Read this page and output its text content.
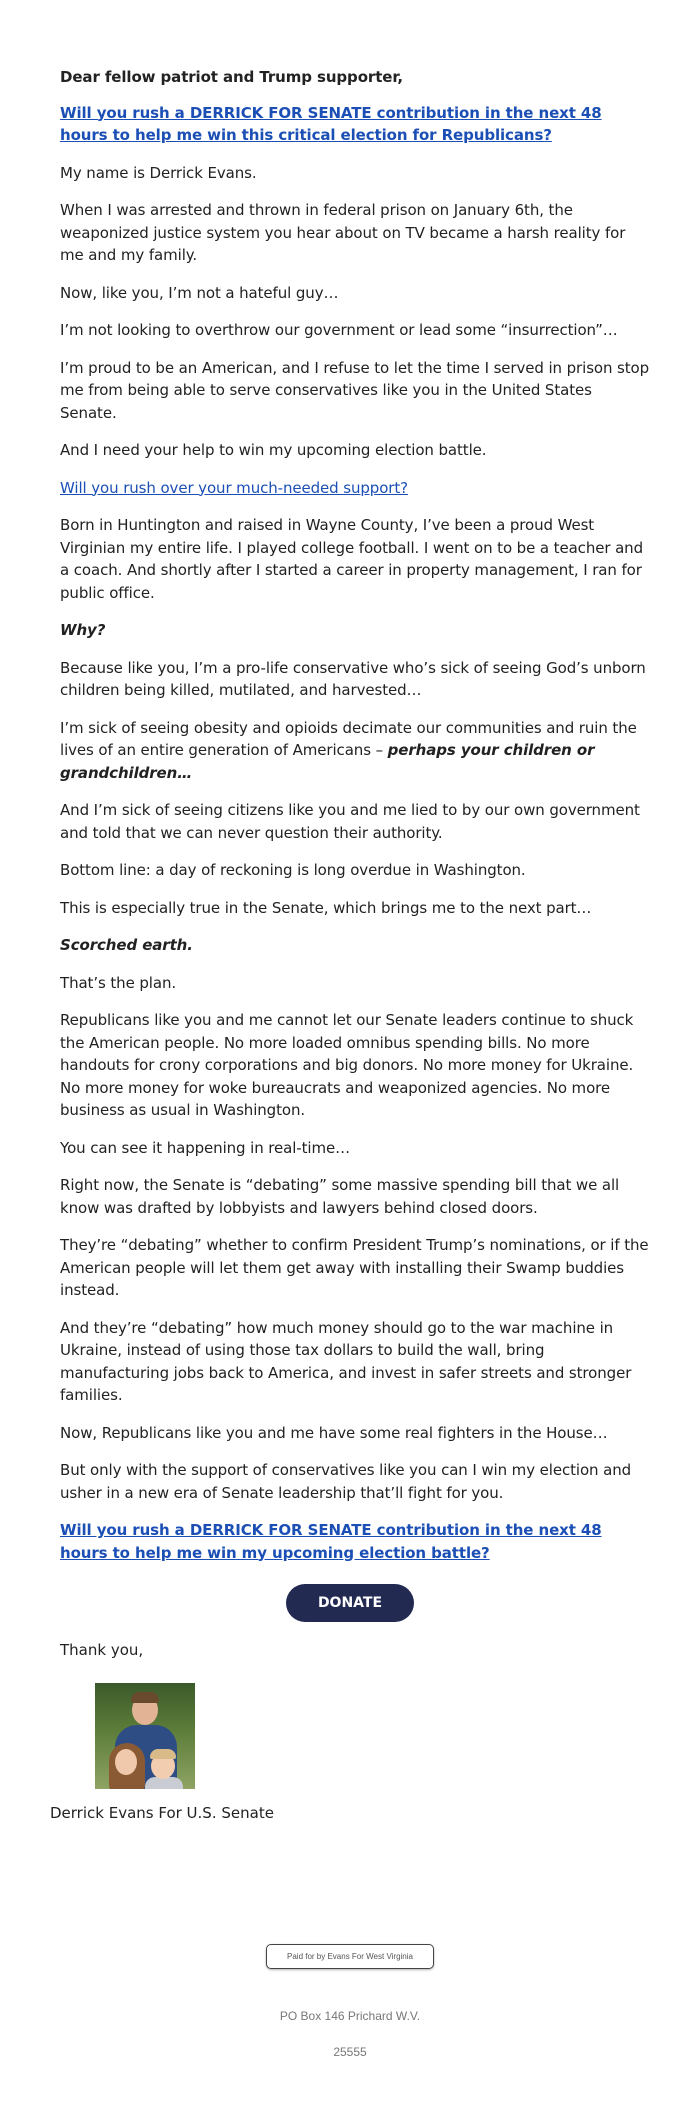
Dear fellow patriot and Trump supporter,

Will you rush a DERRICK FOR SENATE contribution in the next 48 hours to help me win this critical election for Republicans?

My name is Derrick Evans.

When I was arrested and thrown in federal prison on January 6th, the weaponized justice system you hear about on TV became a harsh reality for me and my family.

Now, like you, I’m not a hateful guy…

I’m not looking to overthrow our government or lead some “insurrection”…

I’m proud to be an American, and I refuse to let the time I served in prison stop me from being able to serve conservatives like you in the United States Senate.

And I need your help to win my upcoming election battle.

Will you rush over your much-needed support?

Born in Huntington and raised in Wayne County, I’ve been a proud West Virginian my entire life. I played college football. I went on to be a teacher and a coach. And shortly after I started a career in property management, I ran for public office.

Why?

Because like you, I’m a pro-life conservative who’s sick of seeing God’s unborn children being killed, mutilated, and harvested…

I’m sick of seeing obesity and opioids decimate our communities and ruin the lives of an entire generation of Americans – perhaps your children or grandchildren…

And I’m sick of seeing citizens like you and me lied to by our own government and told that we can never question their authority.

Bottom line: a day of reckoning is long overdue in Washington.

This is especially true in the Senate, which brings me to the next part…

Scorched earth.

That’s the plan.

Republicans like you and me cannot let our Senate leaders continue to shuck the American people. No more loaded omnibus spending bills. No more handouts for crony corporations and big donors. No more money for Ukraine. No more money for woke bureaucrats and weaponized agencies. No more business as usual in Washington.

You can see it happening in real-time…

Right now, the Senate is “debating” some massive spending bill that we all know was drafted by lobbyists and lawyers behind closed doors.

They’re “debating” whether to confirm President Trump’s nominations, or if the American people will let them get away with installing their Swamp buddies instead.

And they’re “debating” how much money should go to the war machine in Ukraine, instead of using those tax dollars to build the wall, bring manufacturing jobs back to America, and invest in safer streets and stronger families.

Now, Republicans like you and me have some real fighters in the House…

But only with the support of conservatives like you can I win my election and usher in a new era of Senate leadership that’ll fight for you.

Will you rush a DERRICK FOR SENATE contribution in the next 48 hours to help me win my upcoming election battle?

DONATE
Thank you,
Derrick Evans For U.S. Senate
Paid for by Evans For West Virginia
PO Box 146 Prichard W.V.
25555
